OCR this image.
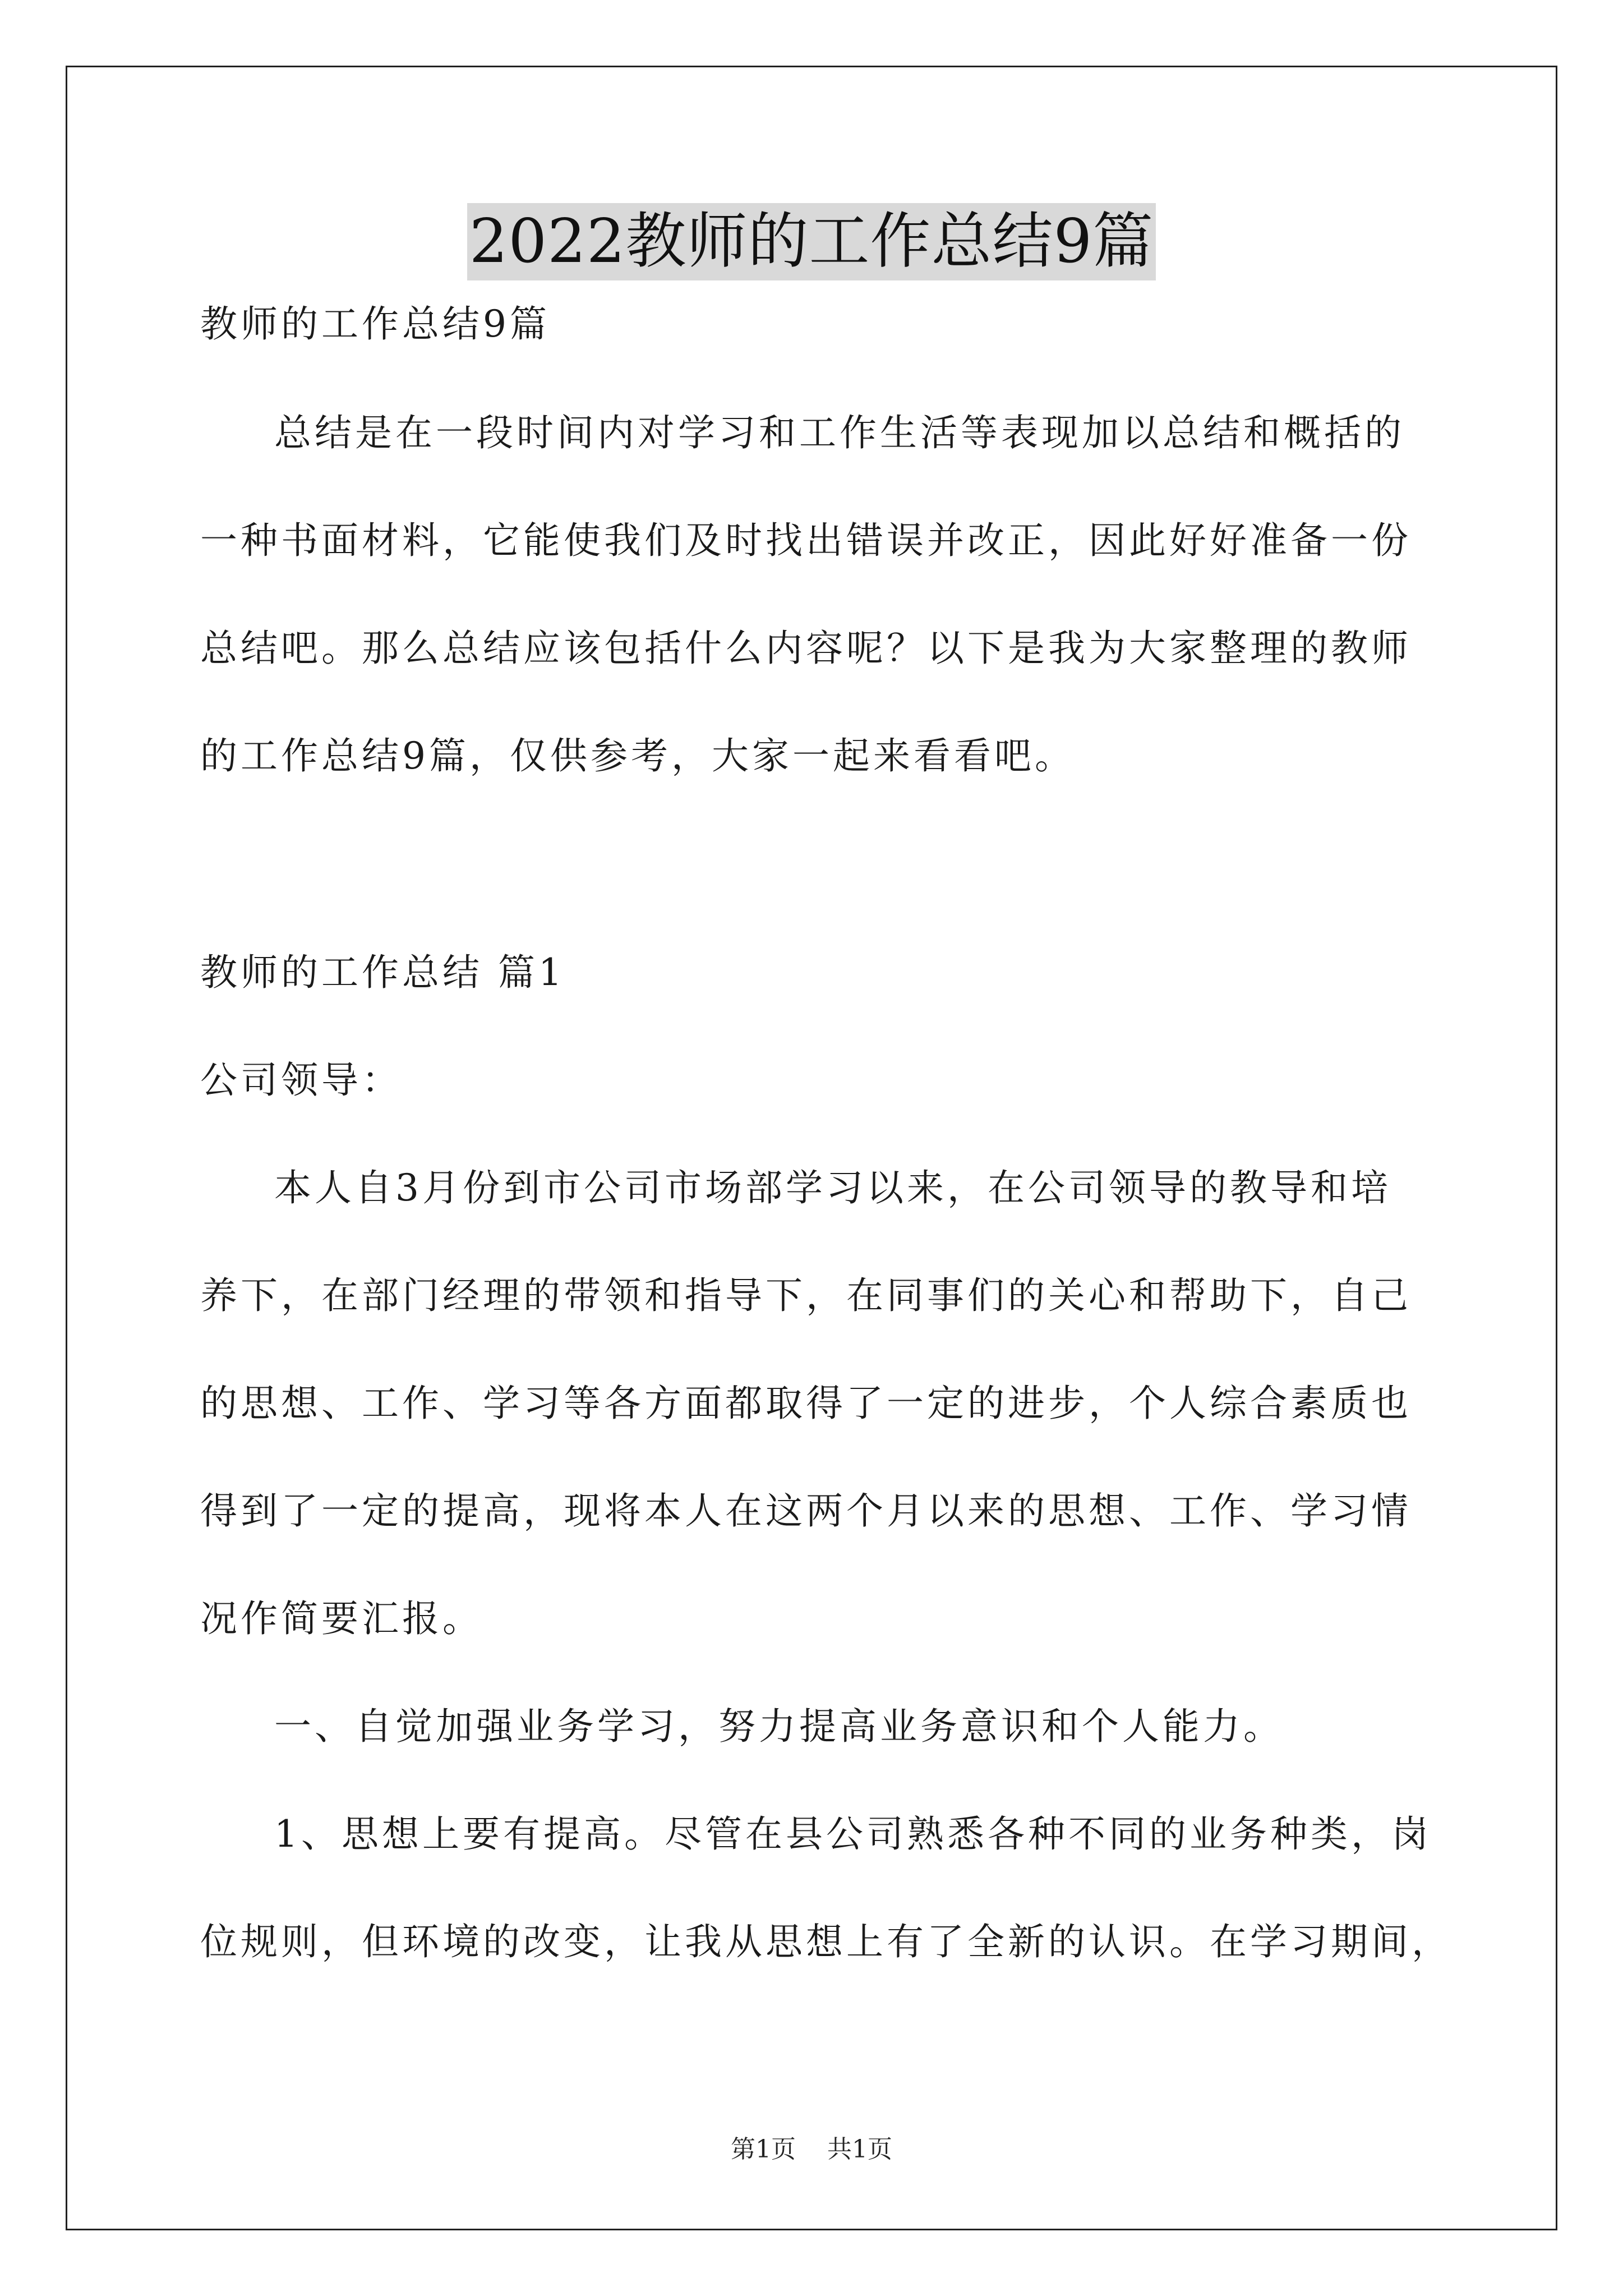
2022教师的工作总结9篇

教师的工作总结9篇

总结是在一段时间内对学习和工作生活等表现加以总结和概括的

一种书面材料，它能使我们及时找出错误并改正，因此好好准备一份

总结吧。那么总结应该包括什么内容呢？以下是我为大家整理的教师

的工作总结9篇，仅供参考，大家一起来看看吧。

教师的工作总结 篇1

公司领导：

本人自3月份到市公司市场部学习以来，在公司领导的教导和培

养下，在部门经理的带领和指导下，在同事们的关心和帮助下，自己

的思想、工作、学习等各方面都取得了一定的进步，个人综合素质也

得到了一定的提高，现将本人在这两个月以来的思想、工作、学习情

况作简要汇报。

一、自觉加强业务学习，努力提高业务意识和个人能力。

1、思想上要有提高。尽管在县公司熟悉各种不同的业务种类，岗

位规则，但环境的改变，让我从思想上有了全新的认识。在学习期间，

第1页 共1页
